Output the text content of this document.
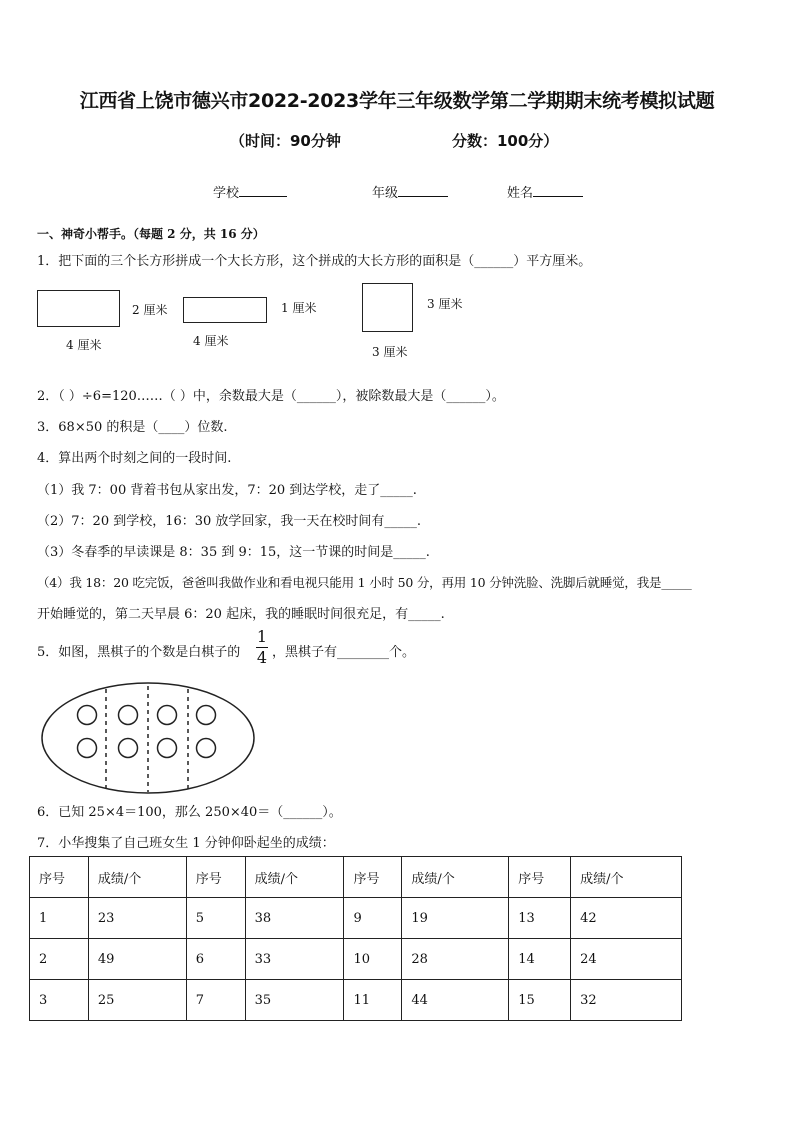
江西省上饶市德兴市2022-2023学年三年级数学第二学期期末统考模拟试题
（时间：90分钟	分数：100分）
学校	年级	姓名
一、神奇小帮手。（每题 2 分，共 16 分）
1．把下面的三个长方形拼成一个大长方形，这个拼成的大长方形的面积是（______）平方厘米。
2 厘米
4 厘米
1 厘米
4 厘米
3 厘米
3 厘米
2．（ ）÷6=120……（ ）中，余数最大是（______），被除数最大是（______）。
3．68×50 的积是（____）位数.
4．算出两个时刻之间的一段时间.
（1）我 7：00 背着书包从家出发，7：20 到达学校，走了_____.
（2）7：20 到学校，16：30 放学回家，我一天在校时间有_____.
（3）冬春季的早读课是 8：35 到 9：15，这一节课的时间是_____.
（4）我 18：20 吃完饭，爸爸叫我做作业和看电视只能用 1 小时 50 分，再用 10 分钟洗脸、洗脚后就睡觉，我是_____
开始睡觉的，第二天早晨 6：20 起床，我的睡眠时间很充足，有_____.
5．如图，黑棋子的个数是白棋子的
1
4 ，黑棋子有________个。
6．已知 25×4＝100，那么 250×40＝（______）。
7．小华搜集了自己班女生 1 分钟仰卧起坐的成绩：
序号	成绩/个	序号	成绩/个	序号	成绩/个	序号	成绩/个
1	23	5	38	9	19	13	42
2	49	6	33	10	28	14	24
3	25	7	35	11	44	15	32
